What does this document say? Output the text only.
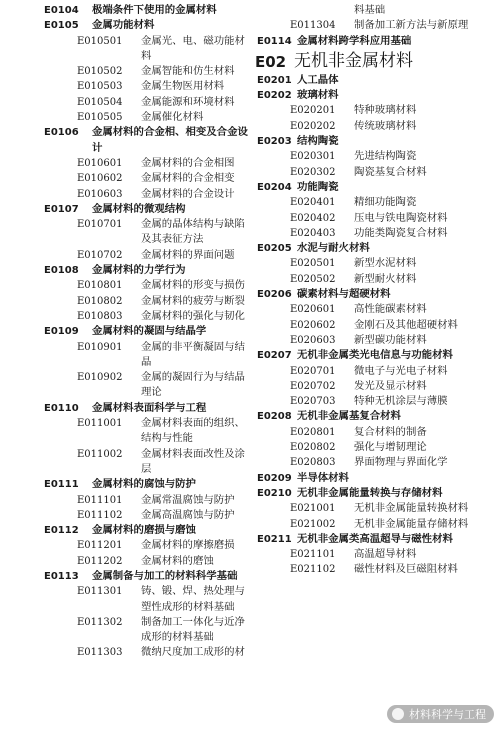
E0104 极端条件下使用的金属材料
E0105 金属功能材料
E010501 金属光、电、磁功能材料
E010502 金属智能和仿生材料
E010503 金属生物医用材料
E010504 金属能源和环境材料
E010505 金属催化材料
E0106 金属材料的合金相、相变及合金设计
E010601 金属材料的合金相图
E010602 金属材料的合金相变
E010603 金属材料的合金设计
E0107 金属材料的微观结构
E010701 金属的晶体结构与缺陷及其表征方法
E010702 金属材料的界面问题
E0108 金属材料的力学行为
E010801 金属材料的形变与损伤
E010802 金属材料的疲劳与断裂
E010803 金属材料的强化与韧化
E0109 金属材料的凝固与结晶学
E010901 金属的非平衡凝固与结晶
E010902 金属的凝固行为与结晶理论
E0110 金属材料表面科学与工程
E011001 金属材料表面的组织、结构与性能
E011002 金属材料表面改性及涂层
E0111 金属材料的腐蚀与防护
E011101 金属常温腐蚀与防护
E011102 金属高温腐蚀与防护
E0112 金属材料的磨损与磨蚀
E011201 金属材料的摩擦磨损
E011202 金属材料的磨蚀
E0113 金属制备与加工的材料科学基础
E011301 铸、锻、焊、热处理与塑性成形的材料基础
E011302 制备加工一体化与近净成形的材料基础
E011303 微纳尺度加工成形的材
料基础
E011304 制备加工新方法与新原理
E0114 金属材料跨学科应用基础
E02 无机非金属材料
E0201 人工晶体
E0202 玻璃材料
E020201 特种玻璃材料
E020202 传统玻璃材料
E0203 结构陶瓷
E020301 先进结构陶瓷
E020302 陶瓷基复合材料
E0204 功能陶瓷
E020401 精细功能陶瓷
E020402 压电与铁电陶瓷材料
E020403 功能类陶瓷复合材料
E0205 水泥与耐火材料
E020501 新型水泥材料
E020502 新型耐火材料
E0206 碳素材料与超硬材料
E020601 高性能碳素材料
E020602 金刚石及其他超硬材料
E020603 新型碳功能材料
E0207 无机非金属类光电信息与功能材料
E020701 微电子与光电子材料
E020702 发光及显示材料
E020703 特种无机涂层与薄膜
E0208 无机非金属基复合材料
E020801 复合材料的制备
E020802 强化与增韧理论
E020803 界面物理与界面化学
E0209 半导体材料
E0210 无机非金属能量转换与存储材料
E021001 无机非金属能量转换材料
E021002 无机非金属能量存储材料
E0211 无机非金属类高温超导与磁性材料
E021101 高温超导材料
E021102 磁性材料及巨磁阻材料
材料科学与工程
